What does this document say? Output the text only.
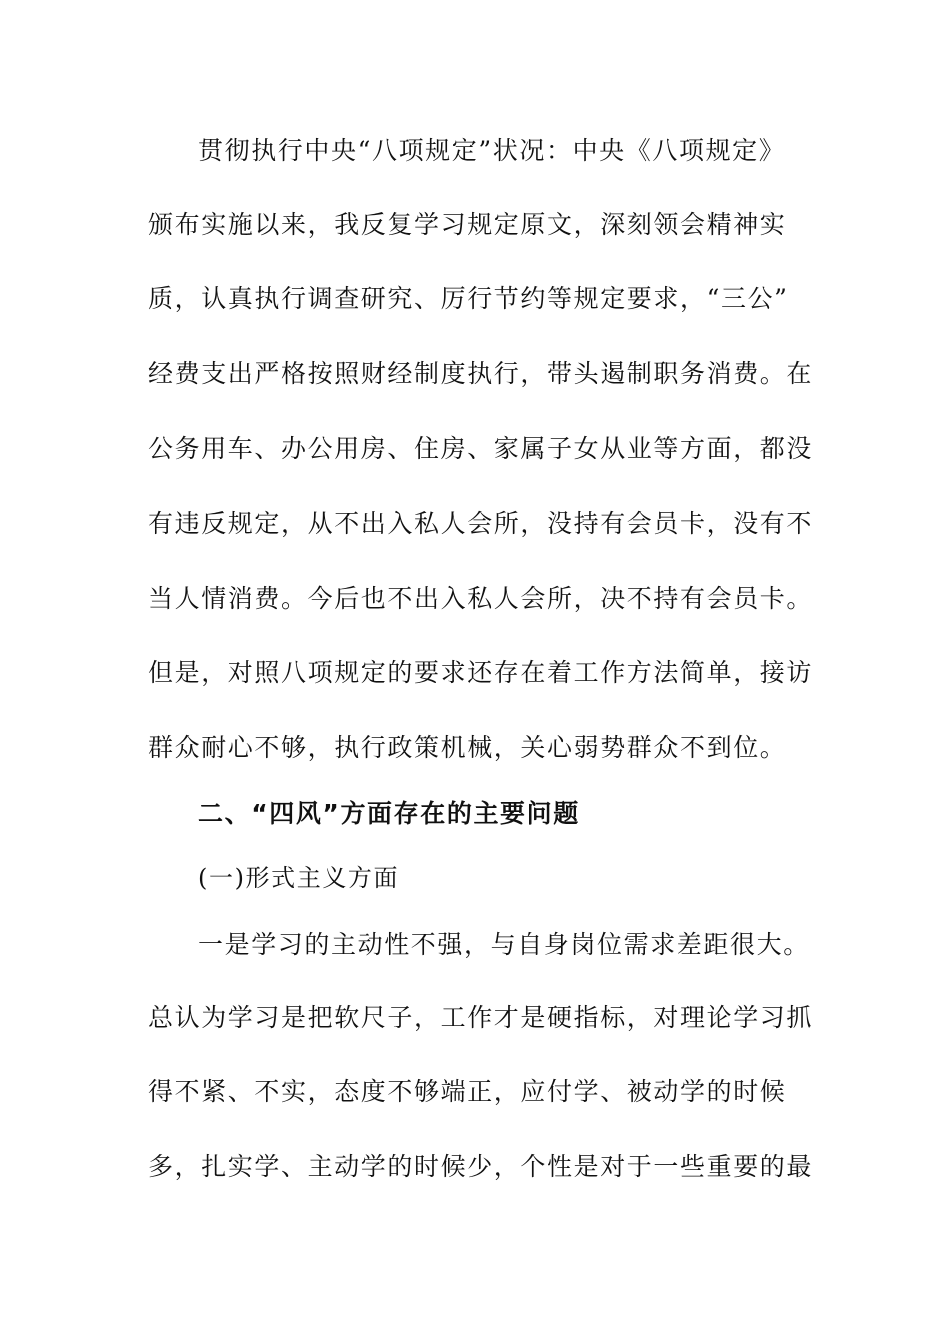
贯彻执行中央“八项规定”状况：中央《八项规定》
颁布实施以来，我反复学习规定原文，深刻领会精神实
质，认真执行调查研究、厉行节约等规定要求，“三公”
经费支出严格按照财经制度执行，带头遏制职务消费。在
公务用车、办公用房、住房、家属子女从业等方面，都没
有违反规定，从不出入私人会所，没持有会员卡，没有不
当人情消费。今后也不出入私人会所，决不持有会员卡。
但是，对照八项规定的要求还存在着工作方法简单，接访
群众耐心不够，执行政策机械，关心弱势群众不到位。
二、“四风”方面存在的主要问题
(一)形式主义方面
一是学习的主动性不强，与自身岗位需求差距很大。
总认为学习是把软尺子，工作才是硬指标，对理论学习抓
得不紧、不实，态度不够端正，应付学、被动学的时候
多，扎实学、主动学的时候少，个性是对于一些重要的最
